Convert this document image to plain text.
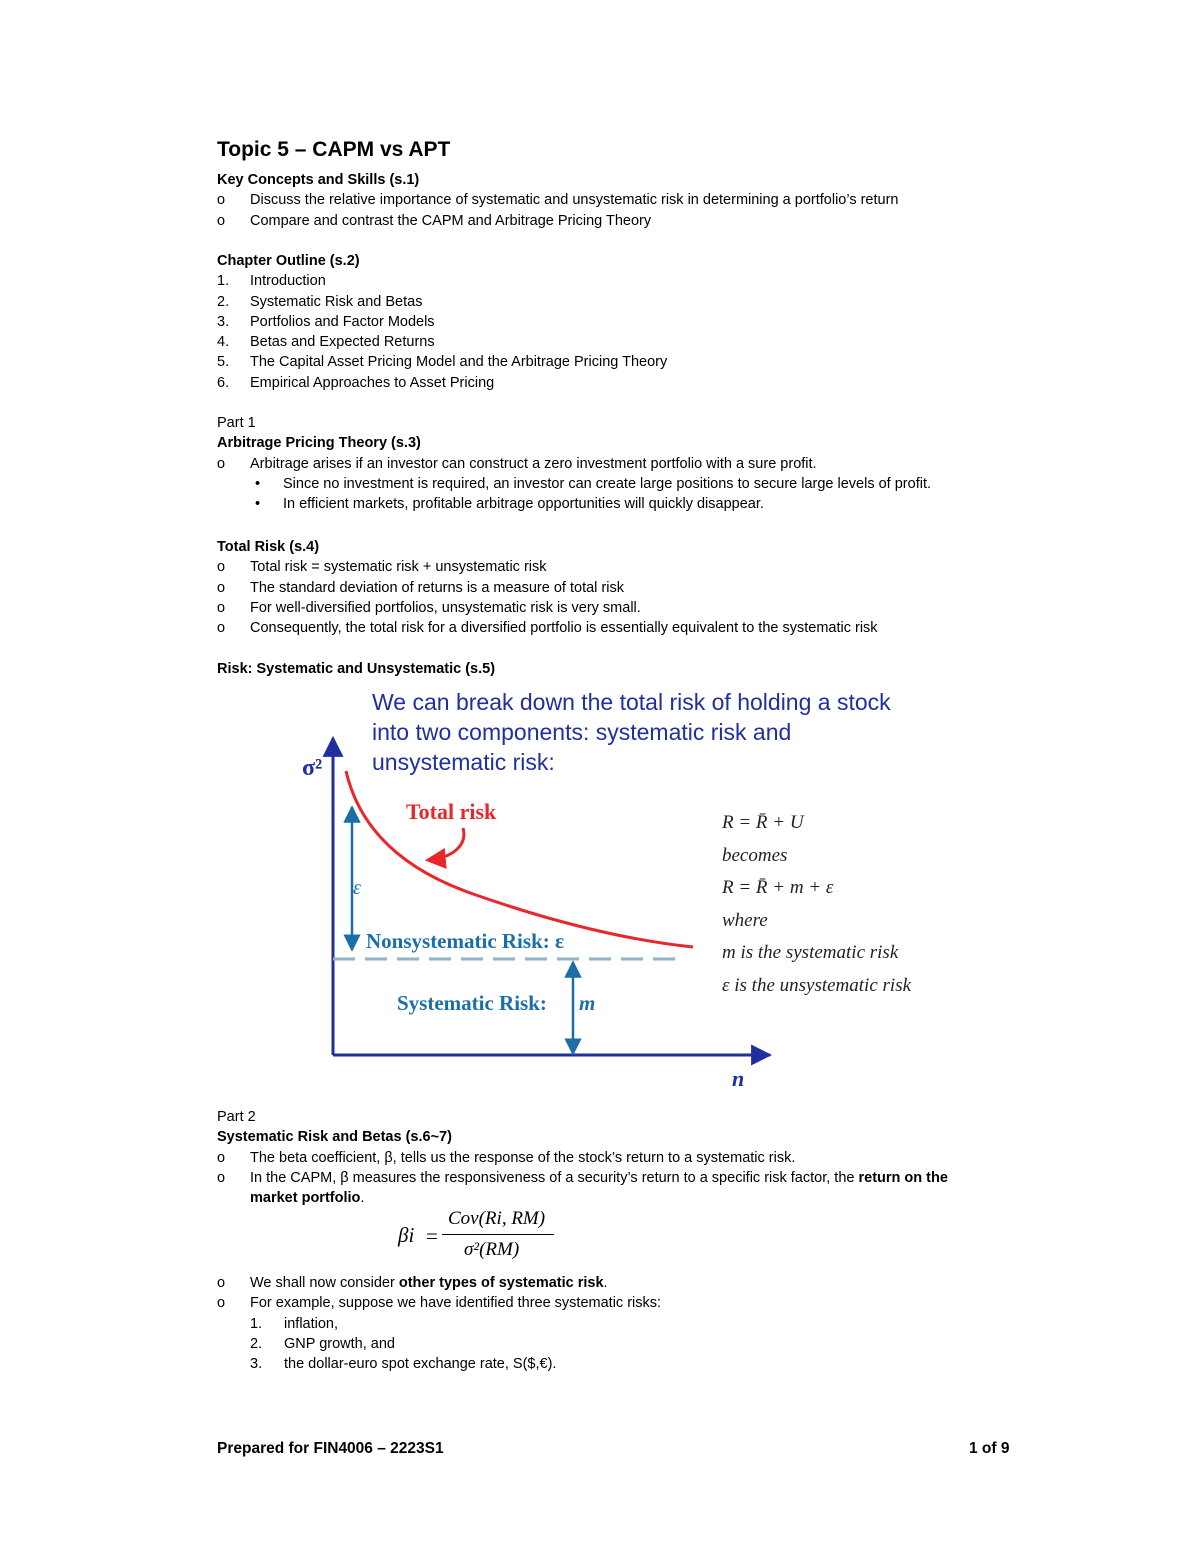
Topic 5 – CAPM vs APT
Key Concepts and Skills (s.1)
o Discuss the relative importance of systematic and unsystematic risk in determining a portfolio’s return
o Compare and contrast the CAPM and Arbitrage Pricing Theory
Chapter Outline (s.2)
1. Introduction
2. Systematic Risk and Betas
3. Portfolios and Factor Models
4. Betas and Expected Returns
5. The Capital Asset Pricing Model and the Arbitrage Pricing Theory
6. Empirical Approaches to Asset Pricing
Part 1
Arbitrage Pricing Theory (s.3)
o Arbitrage arises if an investor can construct a zero investment portfolio with a sure profit.
• Since no investment is required, an investor can create large positions to secure large levels of profit.
• In efficient markets, profitable arbitrage opportunities will quickly disappear.
Total Risk (s.4)
o Total risk = systematic risk + unsystematic risk
o The standard deviation of returns is a measure of total risk
o For well-diversified portfolios, unsystematic risk is very small.
o Consequently, the total risk for a diversified portfolio is essentially equivalent to the systematic risk
Risk: Systematic and Unsystematic (s.5)
We can break down the total risk of holding a stock
into two components: systematic risk and
unsystematic risk:
σ²
n
Total risk
ε
Nonsystematic Risk: ε
Systematic Risk: m
R = R̄ + U
becomes
R = R̄ + m + ε
where
m is the systematic risk
ε is the unsystematic risk
Part 2
Systematic Risk and Betas (s.6~7)
o The beta coefficient, β, tells us the response of the stock’s return to a systematic risk.
o In the CAPM, β measures the responsiveness of a security’s return to a specific risk factor, the return on the
market portfolio.
βi =
Cov(Ri, RM)
σ²(RM)
o We shall now consider other types of systematic risk.
o For example, suppose we have identified three systematic risks:
1. inflation,
2. GNP growth, and
3. the dollar-euro spot exchange rate, S($,€).
Prepared for FIN4006 – 2223S1	1 of 9
